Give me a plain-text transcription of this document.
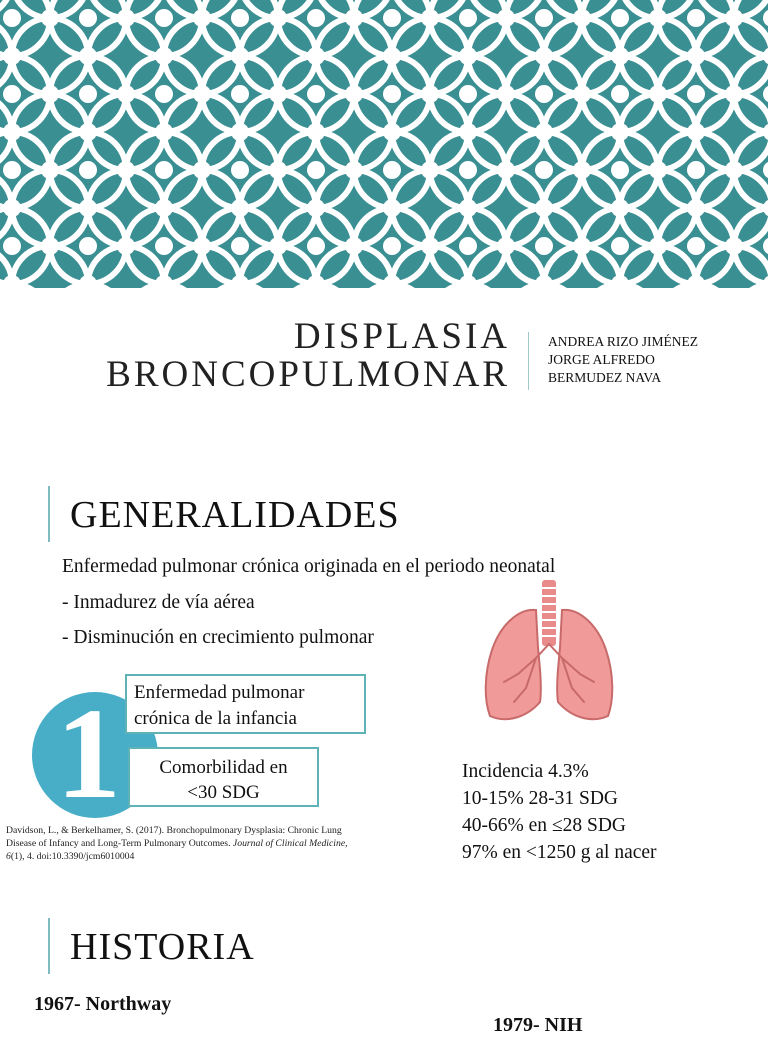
DISPLASIA
BRONCOPULMONAR
ANDREA RIZO JIMÉNEZ
JORGE ALFREDO
BERMUDEZ NAVA
GENERALIDADES
Enfermedad pulmonar crónica originada en el periodo neonatal
- Inmadurez de vía aérea
- Disminución en crecimiento pulmonar
1 Enfermedad pulmonar
crónica de la infancia
Comorbilidad en
<30 SDG
Davidson, L., & Berkelhamer, S. (2017). Bronchopulmonary Dysplasia: Chronic Lung Disease of Infancy and Long-Term Pulmonary Outcomes. Journal of Clinical Medicine, 6(1), 4. doi:10.3390/jcm6010004
Incidencia 4.3%
10-15% 28-31 SDG
40-66% en ≤28 SDG
97% en <1250 g al nacer
HISTORIA
1967- Northway
1979- NIH
